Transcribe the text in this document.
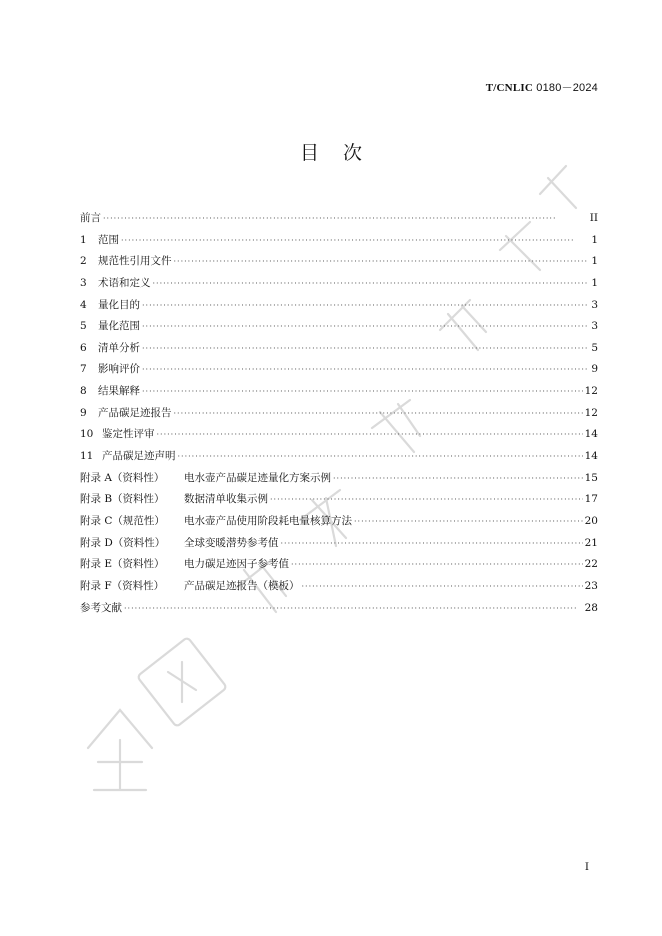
T/CNLIC 0180－2024
目次
前言 ·····	II
1	范围 ·····	1
2	规范性引用文件 ·····	1
3	术语和定义 ·····	1
4	量化目的 ·····	3
5	量化范围 ·····	3
6	清单分析 ·····	5
7	影响评价 ·····	9
8	结果解释 ·····	12
9	产品碳足迹报告 ·····	12
10 鉴定性评审 ·····	14
11 产品碳足迹声明 ·····	14
附录 A（资料性）	电水壶产品碳足迹量化方案示例 ·····	15
附录 B（资料性）	数据清单收集示例 ·····	17
附录 C（规范性）	电水壶产品使用阶段耗电量核算方法 ·····	20
附录 D（资料性）	全球变暖潜势参考值 ·····	21
附录 E（资料性）	电力碳足迹因子参考值 ·····	22
附录 F（资料性）	产品碳足迹报告（模板） ·····	23
参考文献 ·····	28
I
